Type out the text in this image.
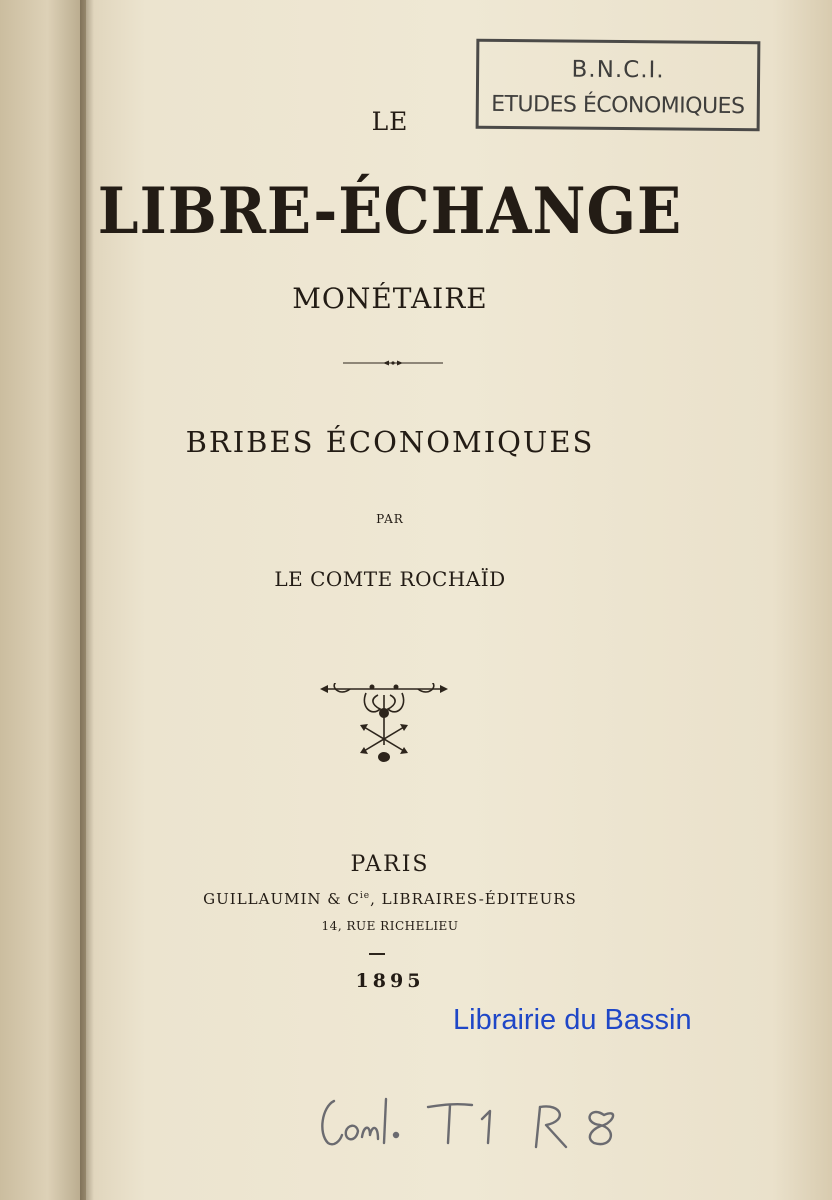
B.N.C.I.
ETUDES ÉCONOMIQUES
LE
LIBRE-ÉCHANGE
MONÉTAIRE
BRIBES ÉCONOMIQUES
PAR
LE COMTE ROCHAÏD
PARIS
GUILLAUMIN & $C^{ie}$, LIBRAIRES-ÉDITEURS
14, RUE RICHELIEU
1895
Librairie du Bassin
